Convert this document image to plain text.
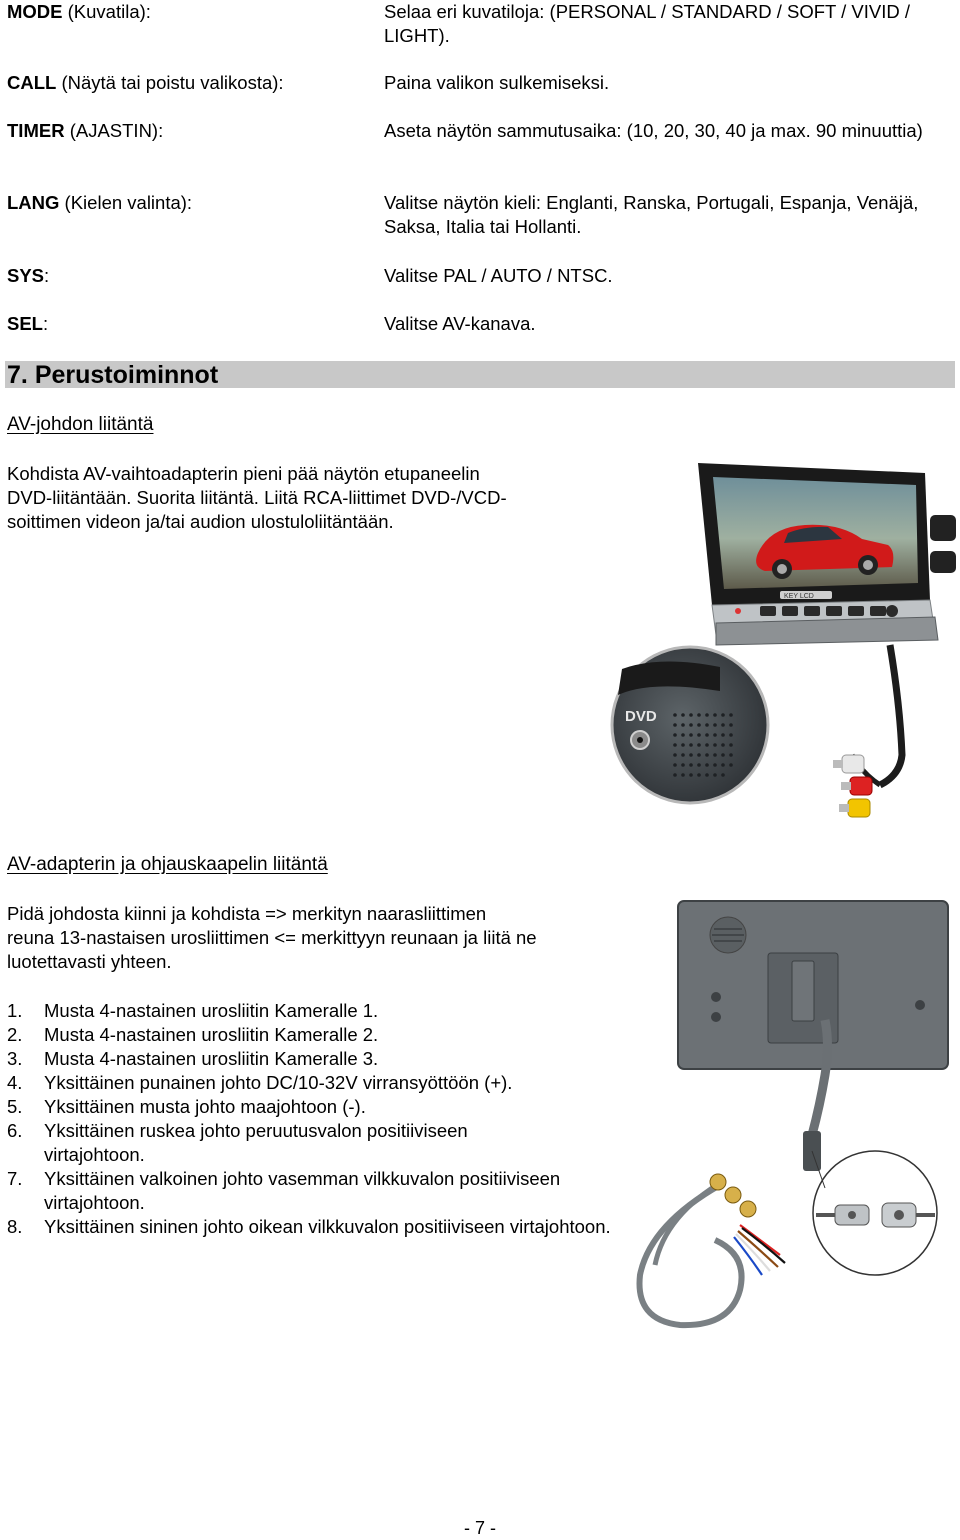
MODE (Kuvatila):	Selaa eri kuvatiloja: (PERSONAL / STANDARD / SOFT / VIVID / LIGHT).
CALL (Näytä tai poistu valikosta):	Paina valikon sulkemiseksi.
TIMER (AJASTIN):	Aseta näytön sammutusaika: (10, 20, 30, 40 ja max. 90 minuuttia)
LANG (Kielen valinta):	Valitse näytön kieli: Englanti, Ranska, Portugali, Espanja, Venäjä, Saksa, Italia tai Hollanti.
SYS:	Valitse PAL / AUTO / NTSC.
SEL:	Valitse AV-kanava.
7. Perustoiminnot
AV-johdon liitäntä

Kohdista AV-vaihtoadapterin pieni pää näytön etupaneelin

DVD-liitäntään. Suorita liitäntä. Liitä RCA-liittimet DVD-/VCD-

soittimen videon ja/tai audion ulostuloliitäntään.

KEY LCD
DVD
AV-adapterin ja ohjauskaapelin liitäntä

Pidä johdosta kiinni ja kohdista => merkityn naarasliittimen

reuna 13-nastaisen urosliittimen <= merkittyyn reunaan ja liitä ne

luotettavasti yhteen.

1. Musta 4-nastainen urosliitin Kameralle 1.
2. Musta 4-nastainen urosliitin Kameralle 2.
3. Musta 4-nastainen urosliitin Kameralle 3.
4. Yksittäinen punainen johto DC/10-32V virransyöttöön (+).
5. Yksittäinen musta johto maajohtoon (-).
6. Yksittäinen ruskea johto peruutusvalon positiiviseen virtajohtoon.
7. Yksittäinen valkoinen johto vasemman vilkkuvalon positiiviseen virtajohtoon.
8. Yksittäinen sininen johto oikean vilkkuvalon positiiviseen virtajohtoon.
- 7 -
